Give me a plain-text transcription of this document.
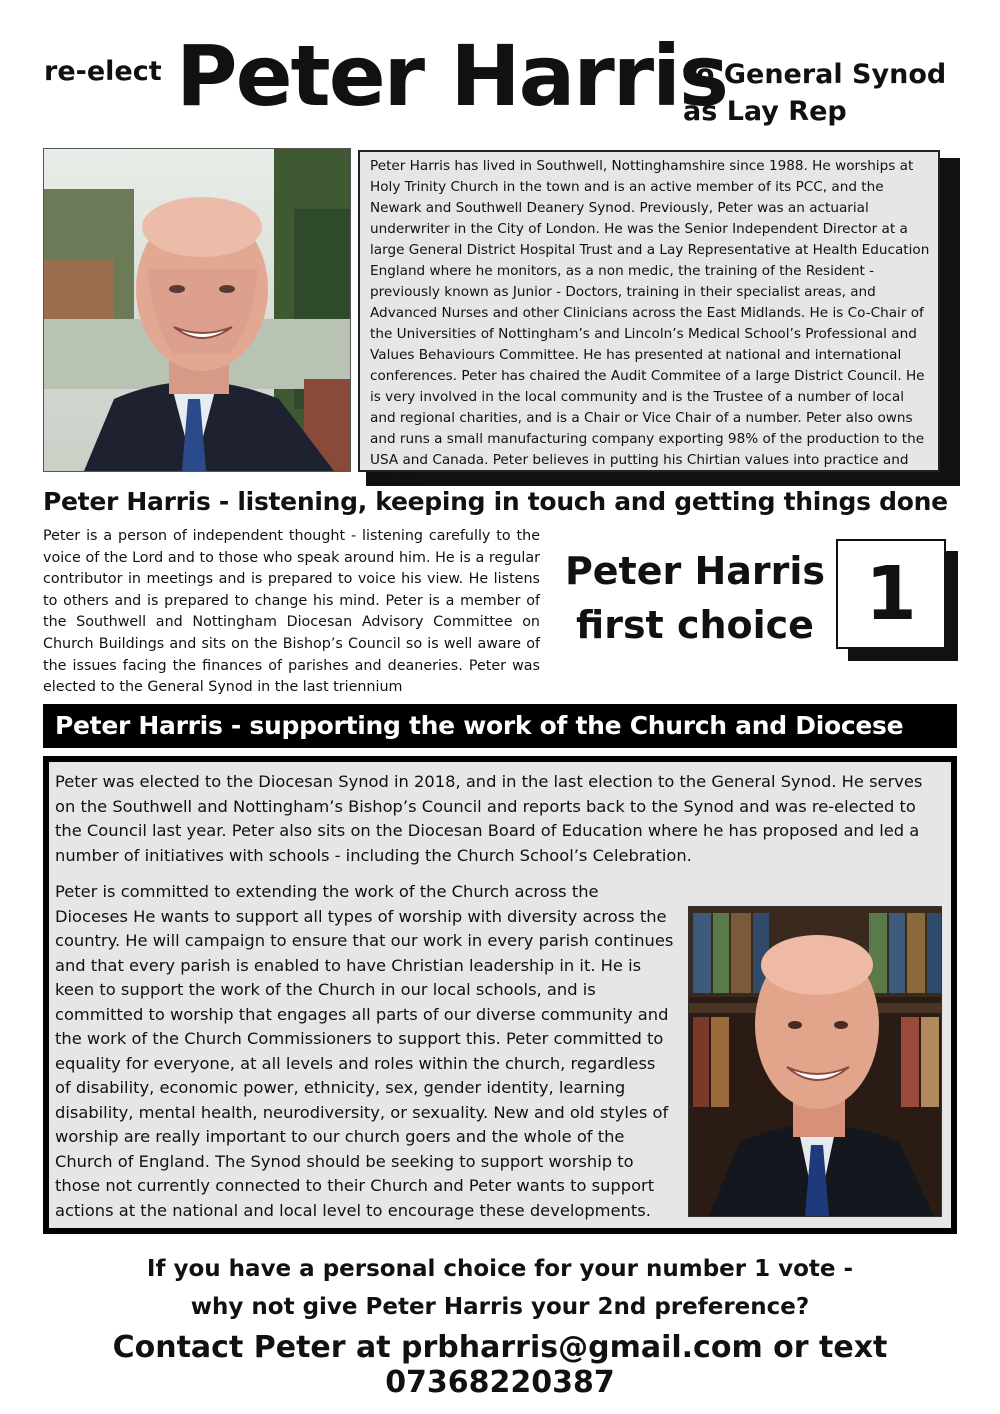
re-elect Peter Harris
to General Synod
as Lay Rep
Peter Harris has lived in Southwell, Nottinghamshire since 1988. He worships at Holy Trinity Church in the town and is an active member of its PCC, and the Newark and Southwell Deanery Synod. Previously, Peter was an actuarial underwriter in the City of London. He was the Senior Independent Director at a large General District Hospital Trust and a Lay Representative at Health Education England where he monitors, as a non medic, the training of the Resident - previously known as Junior - Doctors, training in their specialist areas, and Advanced Nurses and other Clinicians across the East Midlands. He is Co-Chair of the Universities of Nottingham’s and Lincoln’s Medical School’s Professional and Values Behaviours Committee. He has presented at national and international conferences. Peter has chaired the Audit Commitee of a large District Council. He is very involved in the local community and is the Trustee of a number of local and regional charities, and is a Chair or Vice Chair of a number. Peter also owns and runs a small manufacturing company exporting 98% of the production to the USA and Canada. Peter believes in putting his Chirtian values into practice and service
Peter Harris - listening, keeping in touch and getting things done
Peter is a person of independent thought - listening carefully to the voice of the Lord and to those who speak around him. He is a regular contributor in meetings and is prepared to voice his view. He listens to others and is prepared to change his mind. Peter is a member of the Southwell and Nottingham Diocesan Advisory Committee on Church Buildings and sits on the Bishop’s Council so is well aware of the issues facing the finances of parishes and deaneries. Peter was elected to the General Synod in the last triennium
Peter Harris
first choice 1
Peter Harris - supporting the work of the Church and Diocese
Peter was elected to the Diocesan Synod in 2018, and in the last election to the General Synod. He serves on the Southwell and Nottingham’s Bishop’s Council and reports back to the Synod and was re-elected to the Council last year. Peter also sits on the Diocesan Board of Education where he has proposed and led a number of initiatives with schools - including the Church School’s Celebration.
Peter is committed to extending the work of the Church across the Dioceses He wants to support all types of worship with diversity across the country. He will campaign to ensure that our work in every parish continues and that every parish is enabled to have Christian leadership in it. He is keen to support the work of the Church in our local schools, and is committed to worship that engages all parts of our diverse community and the work of the Church Commissioners to support this. Peter committed to equality for everyone, at all levels and roles within the church, regardless of disability, economic power, ethnicity, sex, gender identity, learning disability, mental health, neurodiversity, or sexuality. New and old styles of worship are really important to our church goers and the whole of the Church of England. The Synod should be seeking to support worship to those not currently connected to their Church and Peter wants to support actions at the national and local level to encourage these developments.
If you have a personal choice for your number 1 vote -
why not give Peter Harris your 2nd preference?
Contact Peter at prbharris@gmail.com or text 07368220387
